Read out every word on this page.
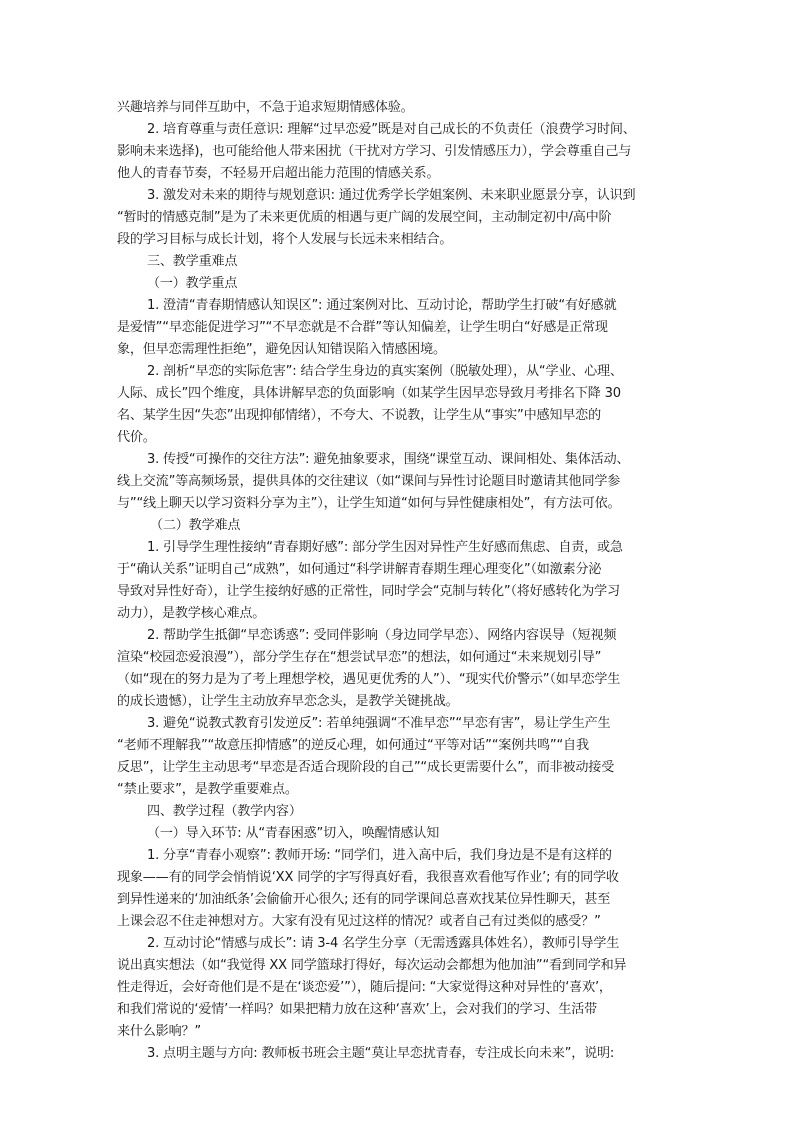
兴趣培养与同伴互助中，不急于追求短期情感体验。
2. 培育尊重与责任意识: 理解“过早恋爱”既是对自己成长的不负责任（浪费学习时间、
影响未来选择)，也可能给他人带来困扰（干扰对方学习、引发情感压力），学会尊重自己与
他人的青春节奏，不轻易开启超出能力范围的情感关系。
3. 激发对未来的期待与规划意识: 通过优秀学长学姐案例、未来职业愿景分享，认识到
“暂时的情感克制”是为了未来更优质的相遇与更广阔的发展空间，主动制定初中/高中阶
段的学习目标与成长计划，将个人发展与长远未来相结合。
三、教学重难点
（一）教学重点
1. 澄清“青春期情感认知误区”: 通过案例对比、互动讨论，帮助学生打破“有好感就
是爱情”“早恋能促进学习”“不早恋就是不合群”等认知偏差，让学生明白“好感是正常现
象，但早恋需理性拒绝”，避免因认知错误陷入情感困境。
2. 剖析“早恋的实际危害”: 结合学生身边的真实案例（脱敏处理），从“学业、心理、
人际、成长”四个维度，具体讲解早恋的负面影响（如某学生因早恋导致月考排名下降 30
名、某学生因“失恋”出现抑郁情绪），不夸大、不说教，让学生从“事实”中感知早恋的
代价。
3. 传授“可操作的交往方法”: 避免抽象要求，围绕“课堂互动、课间相处、集体活动、
线上交流”等高频场景，提供具体的交往建议（如“课间与异性讨论题目时邀请其他同学参
与”“线上聊天以学习资料分享为主”），让学生知道“如何与异性健康相处”，有方法可依。
（二）教学难点
1. 引导学生理性接纳“青春期好感”: 部分学生因对异性产生好感而焦虑、自责，或急
于“确认关系”证明自己“成熟”，如何通过“科学讲解青春期生理心理变化”（如激素分泌
导致对异性好奇），让学生接纳好感的正常性，同时学会“克制与转化”（将好感转化为学习
动力），是教学核心难点。
2. 帮助学生抵御“早恋诱惑”: 受同伴影响（身边同学早恋）、网络内容误导（短视频
渲染“校园恋爱浪漫”），部分学生存在“想尝试早恋”的想法，如何通过“未来规划引导”
（如“现在的努力是为了考上理想学校，遇见更优秀的人”）、“现实代价警示”（如早恋学生
的成长遗憾），让学生主动放弃早恋念头，是教学关键挑战。
3. 避免“说教式教育引发逆反”: 若单纯强调“不准早恋”“早恋有害”，易让学生产生
“老师不理解我”“故意压抑情感”的逆反心理，如何通过“平等对话”“案例共鸣”“自我
反思”，让学生主动思考“早恋是否适合现阶段的自己”“成长更需要什么”，而非被动接受
“禁止要求”，是教学重要难点。
四、教学过程（教学内容）
（一）导入环节: 从“青春困惑”切入，唤醒情感认知
1. 分享“青春小观察”: 教师开场: “同学们，进入高中后，我们身边是不是有这样的
现象——有的同学会悄悄说‘XX 同学的字写得真好看，我很喜欢看他写作业’; 有的同学收
到异性递来的‘加油纸条’会偷偷开心很久; 还有的同学课间总喜欢找某位异性聊天，甚至
上课会忍不住走神想对方。大家有没有见过这样的情况？或者自己有过类似的感受？”
2. 互动讨论“情感与成长”: 请 3-4 名学生分享（无需透露具体姓名），教师引导学生
说出真实想法（如“我觉得 XX 同学篮球打得好，每次运动会都想为他加油”“看到同学和异
性走得近，会好奇他们是不是在‘谈恋爱’”），随后提问: “大家觉得这种对异性的‘喜欢’，
和我们常说的‘爱情’一样吗？如果把精力放在这种‘喜欢’上，会对我们的学习、生活带
来什么影响？”
3. 点明主题与方向: 教师板书班会主题“莫让早恋扰青春，专注成长向未来”，说明:
